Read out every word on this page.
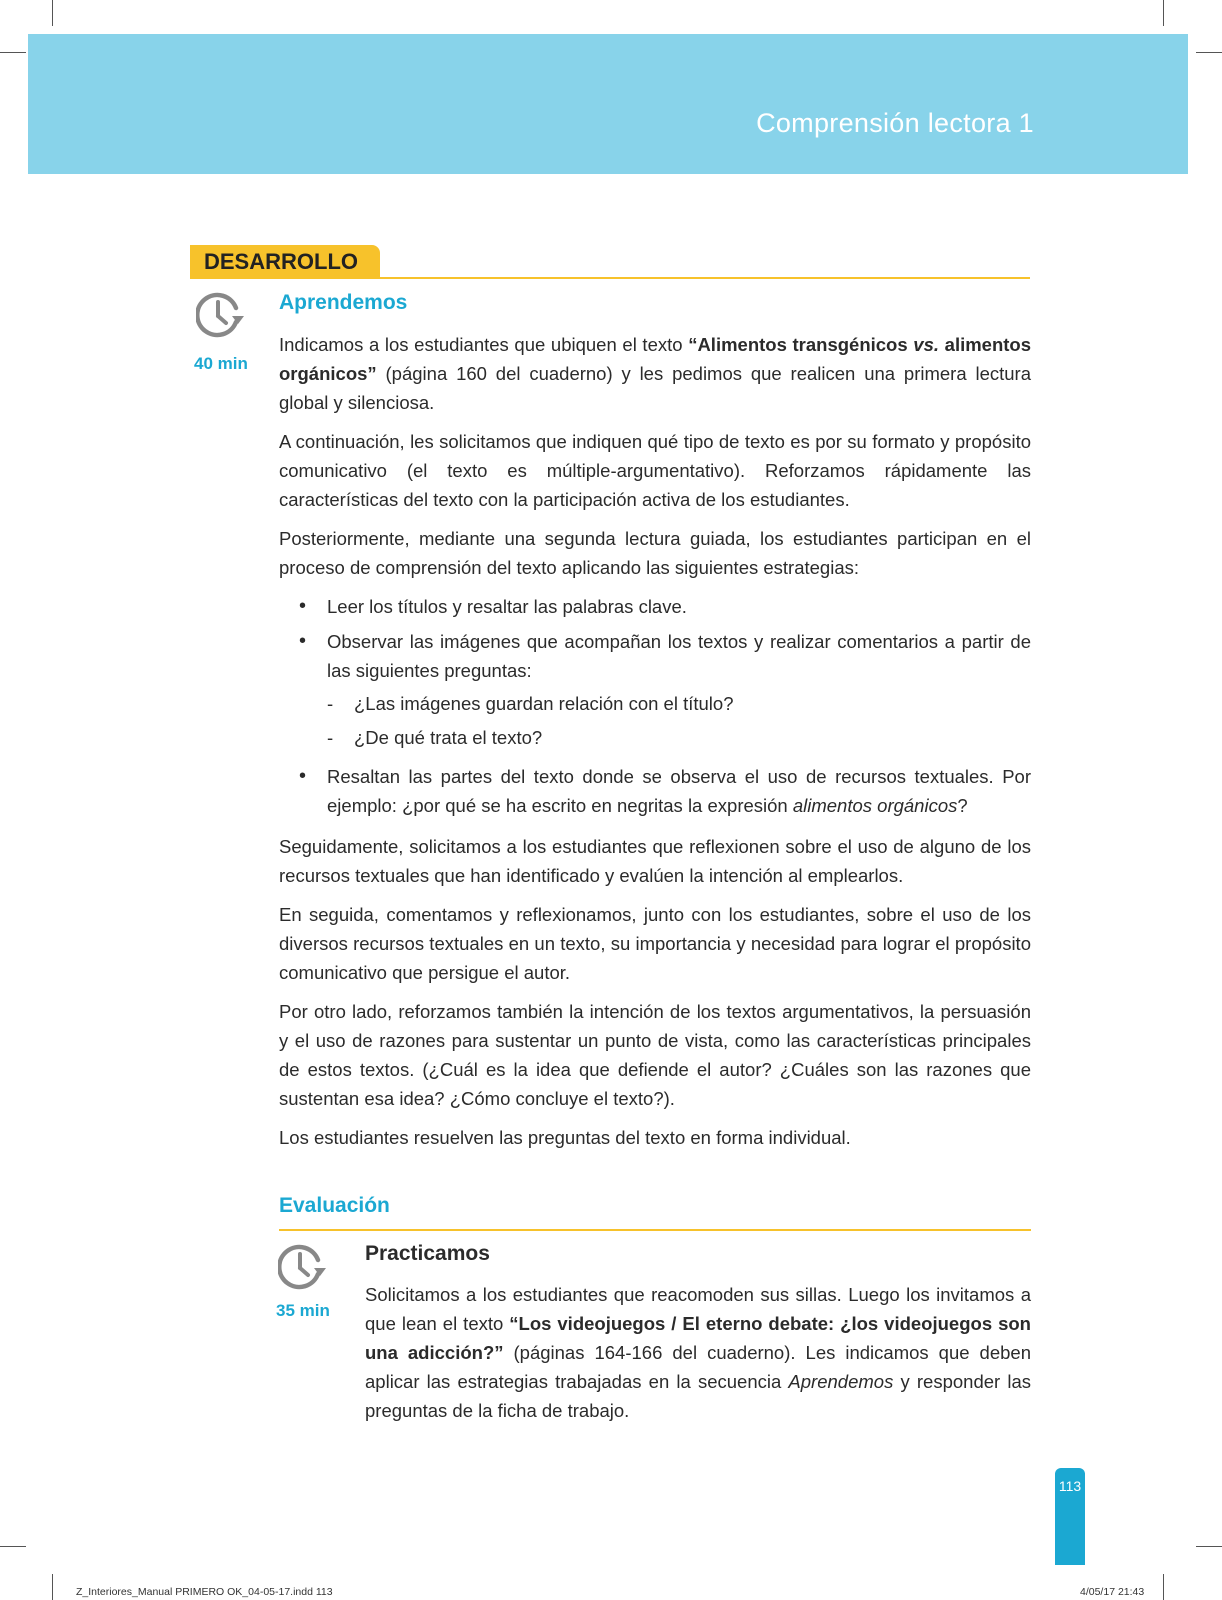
Comprensión lectora 1
DESARROLLO
40 min
Aprendemos

Indicamos a los estudiantes que ubiquen el texto “Alimentos transgénicos vs. alimentos orgánicos” (página 160 del cuaderno) y les pedimos que realicen una primera lectura global y silenciosa.

A continuación, les solicitamos que indiquen qué tipo de texto es por su formato y propósito comunicativo (el texto es múltiple-argumentativo). Reforzamos rápidamente las características del texto con la participación activa de los estudiantes.

Posteriormente, mediante una segunda lectura guiada, los estudiantes participan en el proceso de comprensión del texto aplicando las siguientes estrategias:

• Leer los títulos y resaltar las palabras clave.
• Observar las imágenes que acompañan los textos y realizar comentarios a partir de las siguientes preguntas:
- ¿Las imágenes guardan relación con el título?
- ¿De qué trata el texto?
• Resaltan las partes del texto donde se observa el uso de recursos textuales. Por ejemplo: ¿por qué se ha escrito en negritas la expresión alimentos orgánicos?

Seguidamente, solicitamos a los estudiantes que reflexionen sobre el uso de alguno de los recursos textuales que han identificado y evalúen la intención al emplearlos.

En seguida, comentamos y reflexionamos, junto con los estudiantes, sobre el uso de los diversos recursos textuales en un texto, su importancia y necesidad para lograr el propósito comunicativo que persigue el autor.

Por otro lado, reforzamos también la intención de los textos argumentativos, la persuasión y el uso de razones para sustentar un punto de vista, como las características principales de estos textos. (¿Cuál es la idea que defiende el autor? ¿Cuáles son las razones que sustentan esa idea? ¿Cómo concluye el texto?).

Los estudiantes resuelven las preguntas del texto en forma individual.

Evaluación
35 min
Practicamos

Solicitamos a los estudiantes que reacomoden sus sillas. Luego los invitamos a que lean el texto “Los videojuegos / El eterno debate: ¿los videojuegos son una adicción?” (páginas 164-166 del cuaderno). Les indicamos que deben aplicar las estrategias trabajadas en la secuencia Aprendemos y responder las preguntas de la ficha de trabajo.

113
Z_Interiores_Manual PRIMERO OK_04-05-17.indd 113	4/05/17 21:43
